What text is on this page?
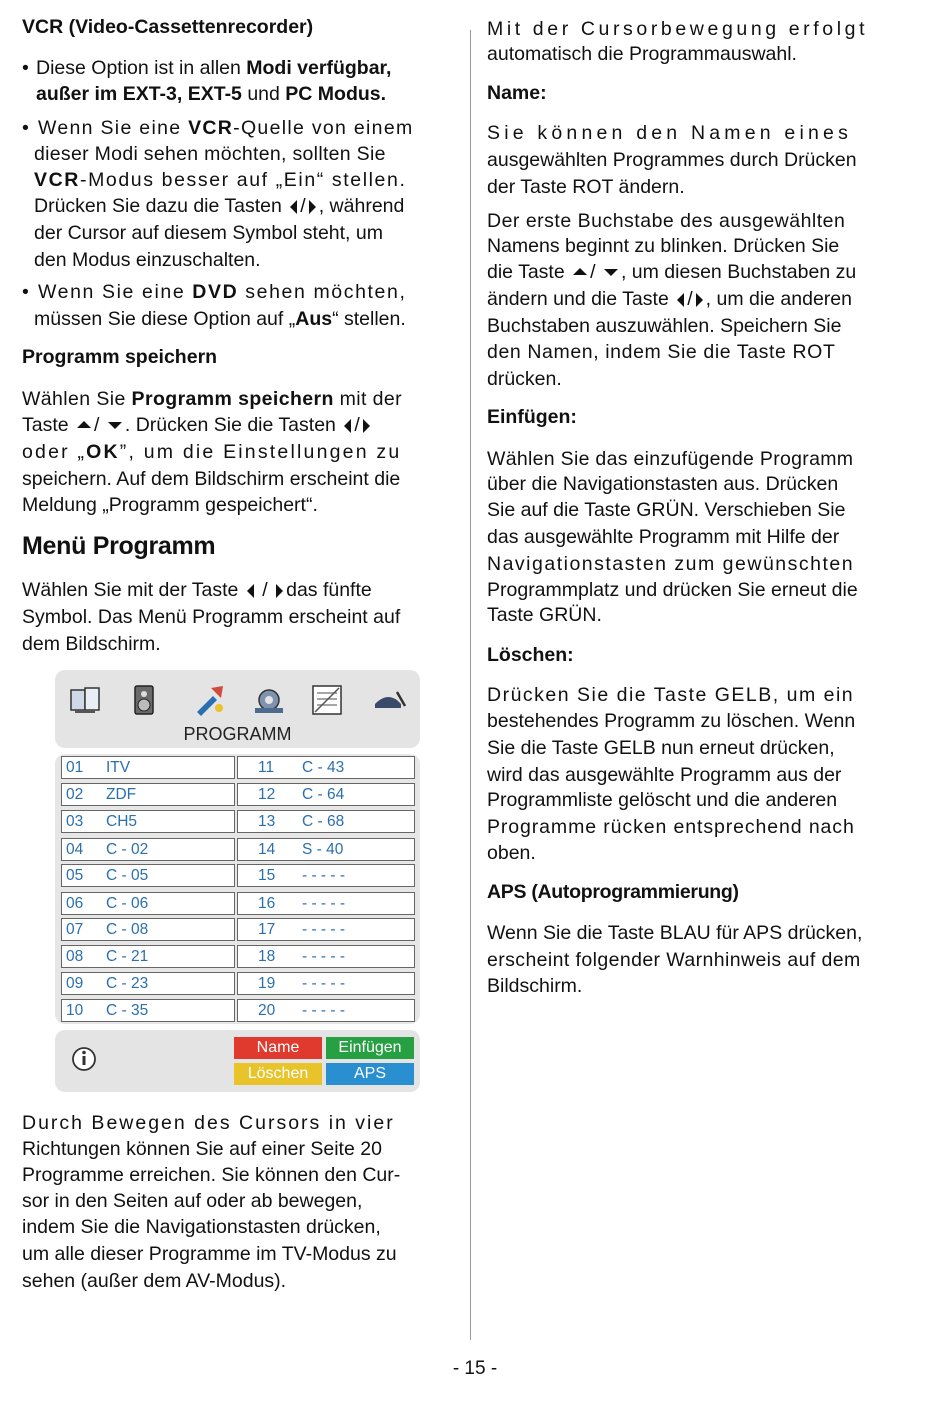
VCR (Video-Cassettenrecorder)
• Diese Option ist in allen Modi verfügbar,

außer im EXT-3, EXT-5 und PC Modus.

• Wenn Sie eine VCR-Quelle von einem

dieser Modi sehen möchten, sollten Sie

VCR-Modus besser auf „Ein“ stellen.

Drücken Sie dazu die Tasten / , während

der Cursor auf diesem Symbol steht, um

den Modus einzuschalten.

• Wenn Sie eine DVD sehen möchten,

müssen Sie diese Option auf „Aus“ stellen.

Programm speichern

Wählen Sie Programm speichern mit der

Taste / . Drücken Sie die Tasten /

oder „OK”, um die Einstellungen zu

speichern. Auf dem Bildschirm erscheint die

Meldung „Programm gespeichert“.

Menü Programm

Wählen Sie mit der Taste / das fünfte

Symbol. Das Menü Programm erscheint auf

dem Bildschirm.

PROGRAMM
01 ITV	11 C - 43
02 ZDF	12 C - 64
03 CH5	13 C - 68
04 C - 02	14 S - 40
05 C - 05	15 - - - - -
06 C - 06	16 - - - - -
07 C - 08	17 - - - - -
08 C - 21	18 - - - - -
09 C - 23	19 - - - - -
10 C - 35	20 - - - - -
Name	Einfügen
Löschen	APS

Durch Bewegen des Cursors in vier

Richtungen können Sie auf einer Seite 20

Programme erreichen. Sie können den Cur-

sor in den Seiten auf oder ab bewegen,

indem Sie die Navigationstasten drücken,

um alle dieser Programme im TV-Modus zu

sehen (außer dem AV-Modus).

Mit der Cursorbewegung erfolgt

automatisch die Programmauswahl.

Name:

Sie können den Namen eines

ausgewählten Programmes durch Drücken

der Taste ROT ändern.

Der erste Buchstabe des ausgewählten

Namens beginnt zu blinken. Drücken Sie

die Taste / , um diesen Buchstaben zu

ändern und die Taste / , um die anderen

Buchstaben auszuwählen. Speichern Sie

den Namen, indem Sie die Taste ROT

drücken.

Einfügen:

Wählen Sie das einzufügende Programm

über die Navigationstasten aus. Drücken

Sie auf die Taste GRÜN. Verschieben Sie

das ausgewählte Programm mit Hilfe der

Navigationstasten zum gewünschten

Programmplatz und drücken Sie erneut die

Taste GRÜN.

Löschen:

Drücken Sie die Taste GELB, um ein

bestehendes Programm zu löschen. Wenn

Sie die Taste GELB nun erneut drücken,

wird das ausgewählte Programm aus der

Programmliste gelöscht und die anderen

Programme rücken entsprechend nach

oben.

APS (Autoprogrammierung)

Wenn Sie die Taste BLAU für APS drücken,

erscheint folgender Warnhinweis auf dem

Bildschirm.

- 15 -
